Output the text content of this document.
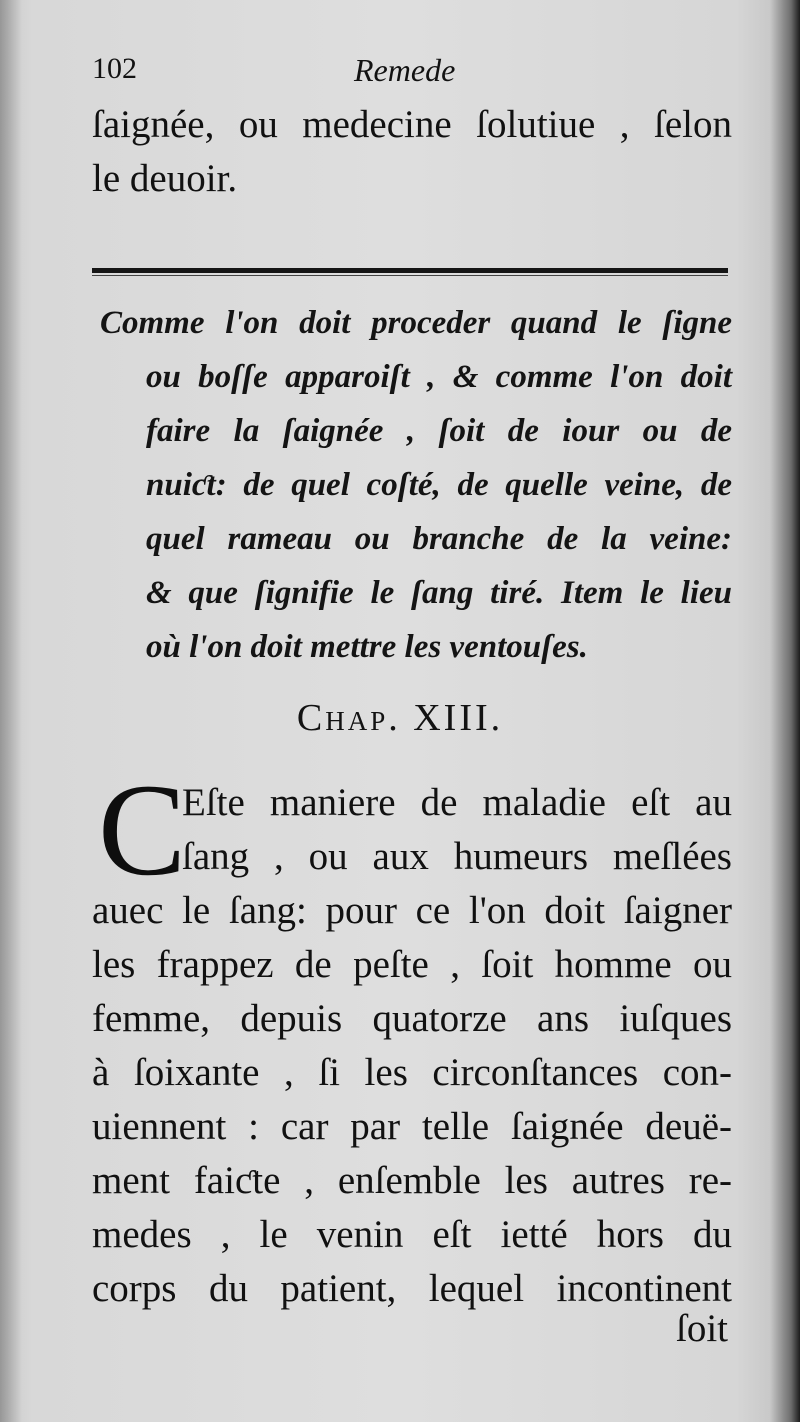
102	Remede
ſaignée, ou medecine ſolutiue , ſelon
le deuoir.
Comme l'on doit proceder quand le ſigne
ou boſſe apparoiſt , & comme l'on doit
faire la ſaignée , ſoit de iour ou de
nuiƈt: de quel coſté, de quelle veine, de
quel rameau ou branche de la veine:
& que ſignifie le ſang tiré. Item le lieu
où l'on doit mettre les ventouſes.
Chap. XIII.
C
Eſte maniere de maladie eſt au
ſang , ou aux humeurs meſlées
auec le ſang: pour ce l'on doit ſaigner
les frappez de peſte , ſoit homme ou
femme, depuis quatorze ans iuſques
à ſoixante , ſi les circonſtances con-
uiennent : car par telle ſaignée deuë-
ment faiƈte , enſemble les autres re-
medes , le venin eſt ietté hors du
corps du patient, lequel incontinent
ſoit
